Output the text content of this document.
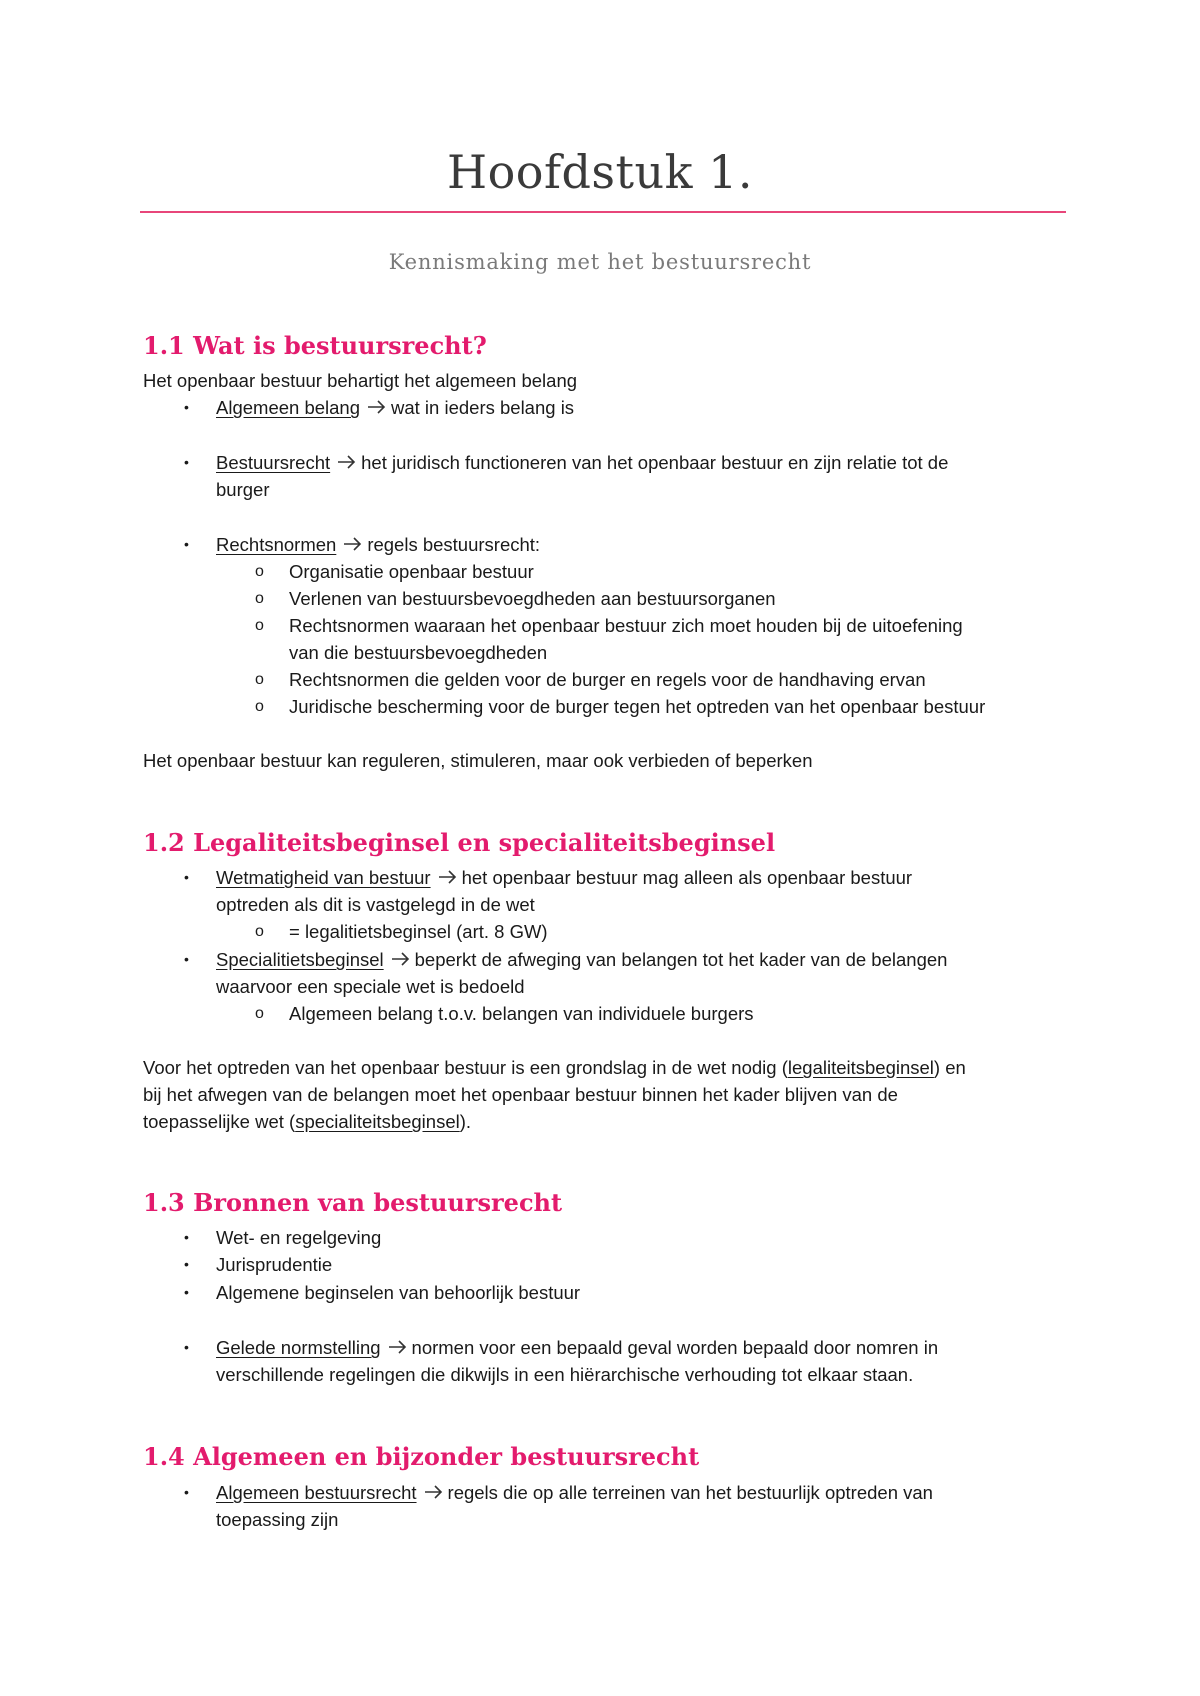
Hoofdstuk 1.
Kennismaking met het bestuursrecht
1.1 Wat is bestuursrecht?
Het openbaar bestuur behartigt het algemeen belang
• Algemeen belang wat in ieders belang is
• Bestuursrecht het juridisch functioneren van het openbaar bestuur en zijn relatie tot de
burger
• Rechtsnormen regels bestuursrecht:
o Organisatie openbaar bestuur
o Verlenen van bestuursbevoegdheden aan bestuursorganen
o Rechtsnormen waaraan het openbaar bestuur zich moet houden bij de uitoefening
van die bestuursbevoegdheden
o Rechtsnormen die gelden voor de burger en regels voor de handhaving ervan
o Juridische bescherming voor de burger tegen het optreden van het openbaar bestuur
Het openbaar bestuur kan reguleren, stimuleren, maar ook verbieden of beperken
1.2 Legaliteitsbeginsel en specialiteitsbeginsel
• Wetmatigheid van bestuur het openbaar bestuur mag alleen als openbaar bestuur
optreden als dit is vastgelegd in de wet
o = legalitietsbeginsel (art. 8 GW)
• Specialitietsbeginsel beperkt de afweging van belangen tot het kader van de belangen
waarvoor een speciale wet is bedoeld
o Algemeen belang t.o.v. belangen van individuele burgers
Voor het optreden van het openbaar bestuur is een grondslag in de wet nodig (legaliteitsbeginsel) en
bij het afwegen van de belangen moet het openbaar bestuur binnen het kader blijven van de
toepasselijke wet (specialiteitsbeginsel).
1.3 Bronnen van bestuursrecht
• Wet- en regelgeving
• Jurisprudentie
• Algemene beginselen van behoorlijk bestuur
• Gelede normstelling normen voor een bepaald geval worden bepaald door nomren in
verschillende regelingen die dikwijls in een hiërarchische verhouding tot elkaar staan.
1.4 Algemeen en bijzonder bestuursrecht
• Algemeen bestuursrecht regels die op alle terreinen van het bestuurlijk optreden van
toepassing zijn
